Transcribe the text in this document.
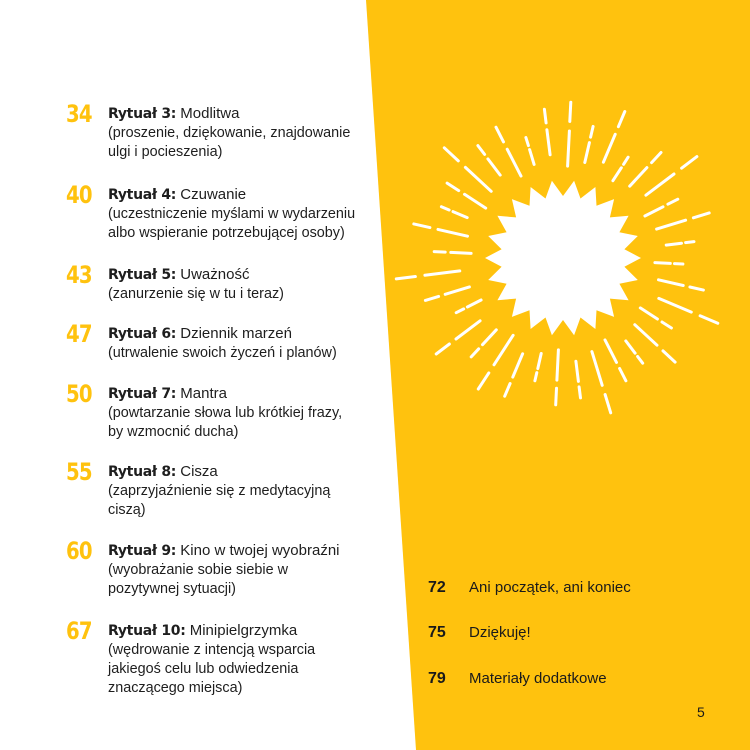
34 Rytuał 3: Modlitwa
(proszenie, dziękowanie, znajdowanie
ulgi i pocieszenia)
40 Rytuał 4: Czuwanie
(uczestniczenie myślami w wydarzeniu
albo wspieranie potrzebującej osoby)
43 Rytuał 5: Uważność
(zanurzenie się w tu i teraz)
47 Rytuał 6: Dziennik marzeń
(utrwalenie swoich życzeń i planów)
50 Rytuał 7: Mantra
(powtarzanie słowa lub krótkiej frazy,
by wzmocnić ducha)
55 Rytuał 8: Cisza
(zaprzyjaźnienie się z medytacyjną
ciszą)
60 Rytuał 9: Kino w twojej wyobraźni
(wyobrażanie sobie siebie w
pozytywnej sytuacji)
67 Rytuał 10: Minipielgrzymka
(wędrowanie z intencją wsparcia
jakiegoś celu lub odwiedzenia
znaczącego miejsca)
72 Ani początek, ani koniec
75 Dziękuję!
79 Materiały dodatkowe
5
